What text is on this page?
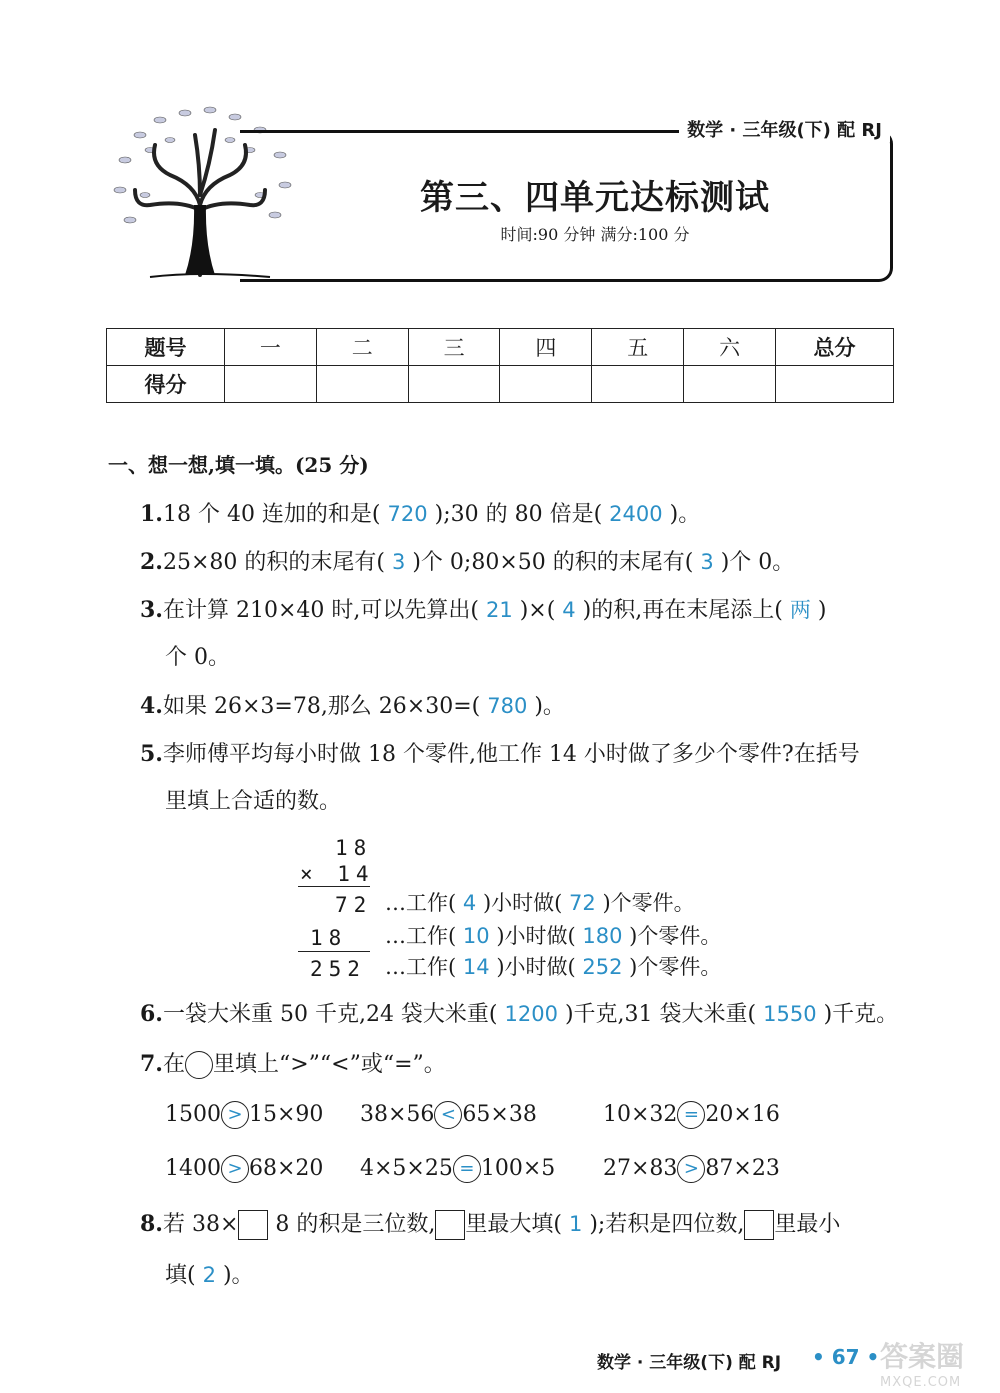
数学 · 三年级(下) 配 RJ
第三、四单元达标测试
时间:90 分钟 满分:100 分
题号	一	二	三	四	五	六	总分
得分							
一、想一想,填一填。(25 分)
1.18 个 40 连加的和是( 720 );30 的 80 倍是( 2400 )。
2.25×80 的积的末尾有( 3 )个 0;80×50 的积的末尾有( 3 )个 0。
3.在计算 210×40 时,可以先算出( 21 )×( 4 )的积,再在末尾添上( 两 )
个 0。
4.如果 26×3=78,那么 26×30=( 780 )。
5.李师傅平均每小时做 18 个零件,他工作 14 小时做了多少个零件?在括号
里填上合适的数。
18
× 14
72
18
252
…工作( 4 )小时做( 72 )个零件。
…工作( 10 )小时做( 180 )个零件。
…工作( 14 )小时做( 252 )个零件。
6.一袋大米重 50 千克,24 袋大米重( 1200 )千克,31 袋大米重( 1550 )千克。
7.在 里填上“>”“<”或“=”。
1500 > 15×90 38×56 < 65×38	10×32 = 20×16
1400 > 68×20 4×5×25 = 100×5 27×83 > 87×23
8.若 38× 8 的积是三位数, 里最大填( 1 );若积是四位数, 里最小
填( 2 )。
数学 · 三年级(下) 配 RJ • 67 • 答案圈
MXQE.COM
